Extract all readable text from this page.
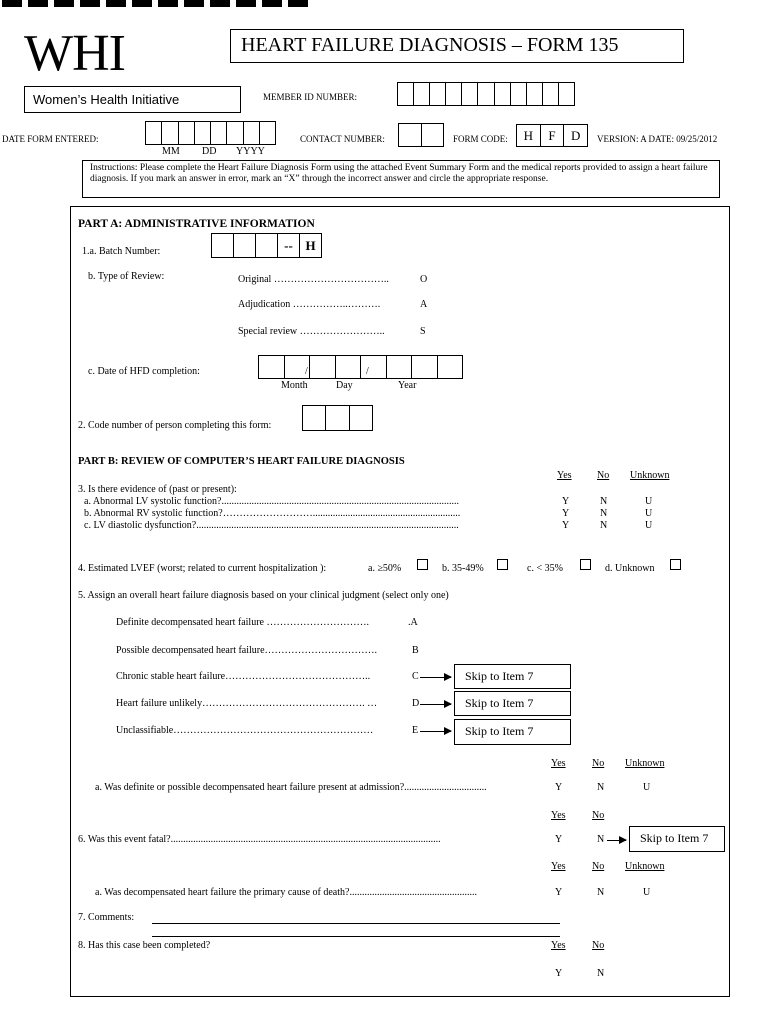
WHI
Women’s Health Initiative
HEART FAILURE DIAGNOSIS – FORM 135
MEMBER ID NUMBER:
DATE FORM ENTERED:
MM DD YYYY
CONTACT NUMBER:	FORM CODE:	H	F	D	VERSION: A DATE: 09/25/2012
Instructions: Please complete the Heart Failure Diagnosis Form using the attached Event Summary Form and the medical reports provided to assign a heart failure diagnosis. If you mark an answer in error, mark an “X” through the incorrect answer and circle the appropriate response.
PART A: ADMINISTRATIVE INFORMATION
1.a. Batch Number:	-- H
b. Type of Review:	Original ……………………………..	O
Adjudication ……………..……….	A
Special review ……………………..	S
c. Date of HFD completion:	/	/
Month	Day	Year
2. Code number of person completing this form:
PART B: REVIEW OF COMPUTER’S HEART FAILURE DIAGNOSIS
Yes	No Unknown
3. Is there evidence of (past or present):
a. Abnormal LV systolic function?...............................................................................................	Y	N	U
b. Abnormal RV systolic function?………………………...........................................................	Y	N	U
c. LV diastolic dysfunction?.........................................................................................................	Y	N	U
4. Estimated LVEF (worst; related to current hospitalization ):	a. ≥50%	b. 35-49%	c. < 35%	d. Unknown
5. Assign an overall heart failure diagnosis based on your clinical judgment (select only one)
Definite decompensated heart failure ………………………….	.A
Possible decompensated heart failure…………………………….	B
Chronic stable heart failure……………………………………..	C	Skip to Item 7
Heart failure unlikely…………………………………………. …	D	Skip to Item 7
Unclassifiable……………………………………………………	E	Skip to Item 7
Yes	No Unknown
a. Was definite or possible decompensated heart failure present at admission?.................................	Y	N	U
Yes	No
6. Was this event fatal?............................................................................................................	Y	N	Skip to Item 7
Yes	No Unknown
a. Was decompensated heart failure the primary cause of death?...................................................	Y	N	U
7. Comments:
8. Has this case been completed?	Yes	No
Y	N
